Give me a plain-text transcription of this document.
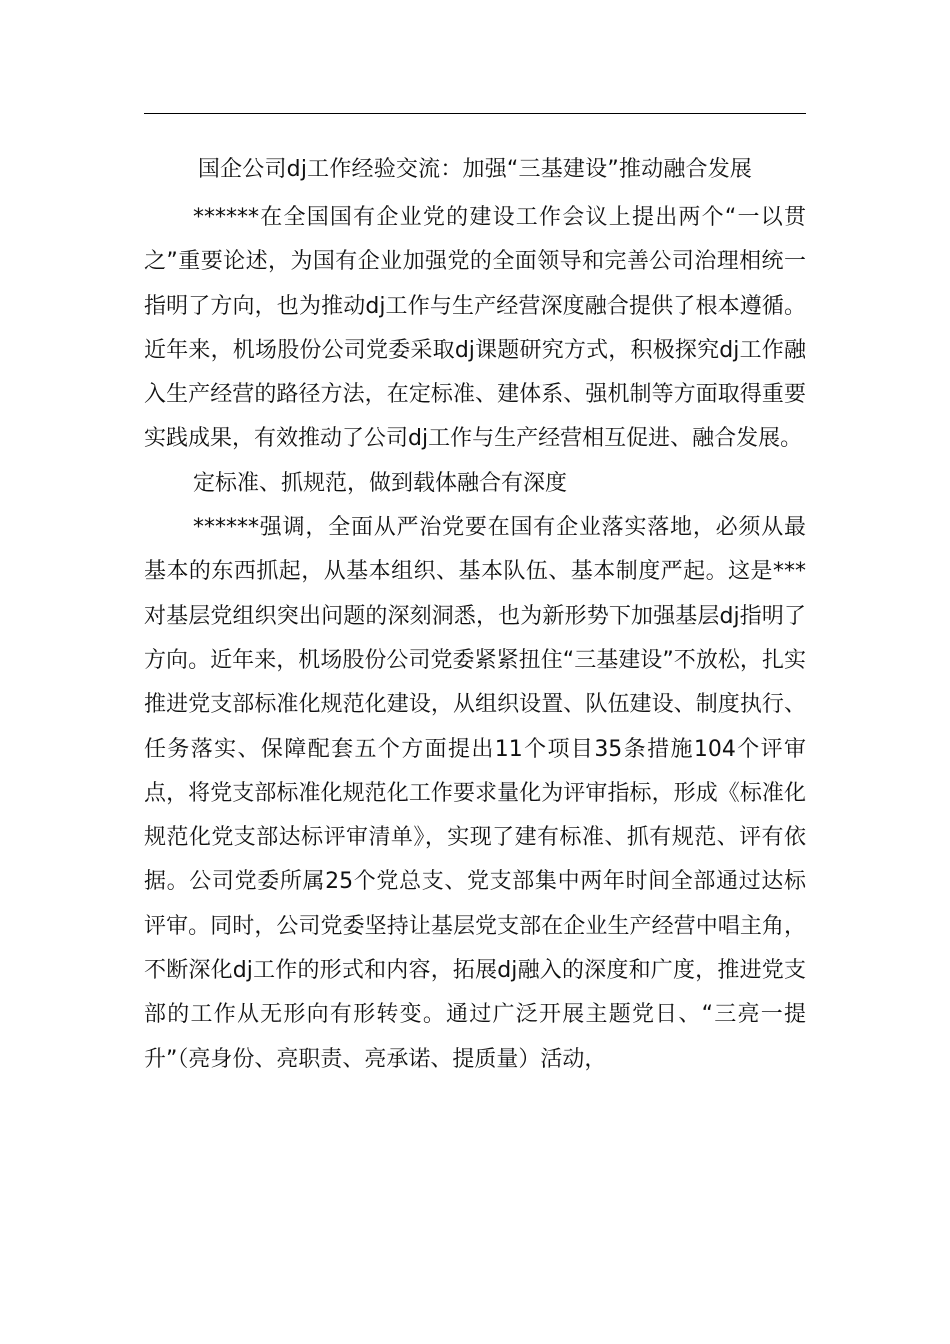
国企公司dj工作经验交流：加强“三基建设”推动融合发展

******在全国国有企业党的建设工作会议上提出两个“一以贯之”重要论述，为国有企业加强党的全面领导和完善公司治理相统一指明了方向，也为推动dj工作与生产经营深度融合提供了根本遵循。近年来，机场股份公司党委采取dj课题研究方式，积极探究dj工作融入生产经营的路径方法，在定标准、建体系、强机制等方面取得重要实践成果，有效推动了公司dj工作与生产经营相互促进、融合发展。

定标准、抓规范，做到载体融合有深度

******强调，全面从严治党要在国有企业落实落地，必须从最基本的东西抓起，从基本组织、基本队伍、基本制度严起。这是***对基层党组织突出问题的深刻洞悉，也为新形势下加强基层dj指明了方向。近年来，机场股份公司党委紧紧扭住“三基建设”不放松，扎实推进党支部标准化规范化建设，从组织设置、队伍建设、制度执行、任务落实、保障配套五个方面提出11个项目35条措施104个评审点，将党支部标准化规范化工作要求量化为评审指标，形成《标准化规范化党支部达标评审清单》，实现了建有标准、抓有规范、评有依据。公司党委所属25个党总支、党支部集中两年时间全部通过达标评审。同时，公司党委坚持让基层党支部在企业生产经营中唱主角，不断深化dj工作的形式和内容，拓展dj融入的深度和广度，推进党支部的工作从无形向有形转变。通过广泛开展主题党日、“三亮一提升”（亮身份、亮职责、亮承诺、提质量）活动，
